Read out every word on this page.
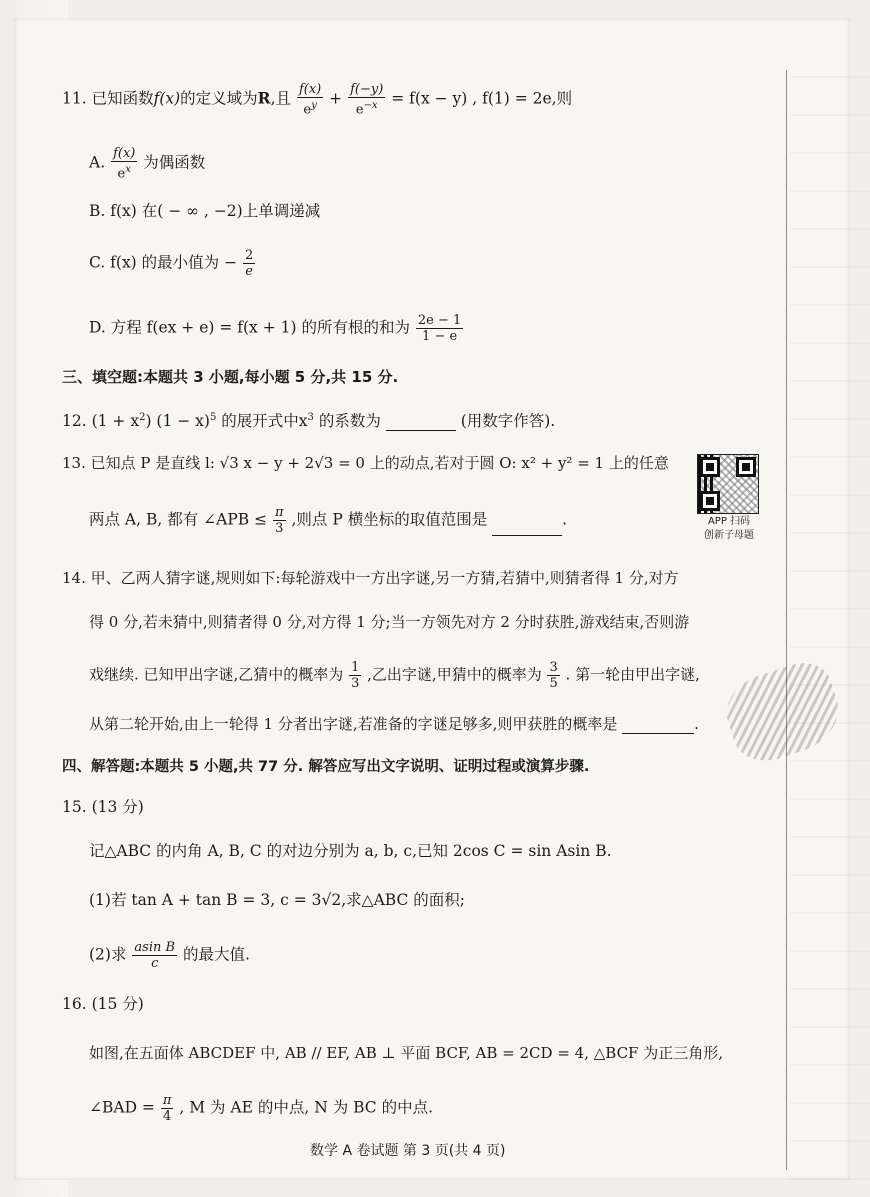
11. 已知函数f(x)的定义域为R,且 $\frac{f(x)}{e^y} + \frac{f(-y)}{e^{-x}} = f(x - y)$ , f(1) = 2e,则
A. $\frac{f(x)}{e^x}$ 为偶函数
B. f(x) 在( − ∞ , −2)上单调递减
C. f(x) 的最小值为 − $\frac{2}{e}$
D. 方程 f(ex + e) = f(x + 1) 的所有根的和为 $\frac{2e - 1}{1 - e}$
三、填空题:本题共 3 小题,每小题 5 分,共 15 分.
12. $(1 + x^2)$ $(1 - x)^5$ 的展开式中$x^3$ 的系数为	(用数字作答).
13. 已知点 P 是直线 l: √3 x − y + 2√3 = 0 上的动点,若对于圆 O: x² + y² = 1 上的任意
两点 A, B, 都有 ∠APB ≤ $\frac{\pi}{3}$ ,则点 P 横坐标的取值范围是	.	APP 扫码
创新子母题
14. 甲、乙两人猜字谜,规则如下:每轮游戏中一方出字谜,另一方猜,若猜中,则猜者得 1 分,对方
得 0 分,若未猜中,则猜者得 0 分,对方得 1 分;当一方领先对方 2 分时获胜,游戏结束,否则游
戏继续. 已知甲出字谜,乙猜中的概率为 $\frac{1}{3}$ ,乙出字谜,甲猜中的概率为 $\frac{3}{5}$ . 第一轮由甲出字谜,
从第二轮开始,由上一轮得 1 分者出字谜,若准备的字谜足够多,则甲获胜的概率是	.
四、解答题:本题共 5 小题,共 77 分. 解答应写出文字说明、证明过程或演算步骤.
15. (13 分)
记△ABC 的内角 A, B, C 的对边分别为 a, b, c,已知 2cos C = sin Asin B.
(1)若 tan A + tan B = 3, c = 3√2,求△ABC 的面积;
(2)求 $\frac{\text{asin B}}{c}$ 的最大值.
16. (15 分)
如图,在五面体 ABCDEF 中, AB // EF, AB ⊥ 平面 BCF, AB = 2CD = 4, △BCF 为正三角形,
∠BAD = $\frac{\pi}{4}$ , M 为 AE 的中点, N 为 BC 的中点.
数学 A 卷试题 第 3 页(共 4 页)
